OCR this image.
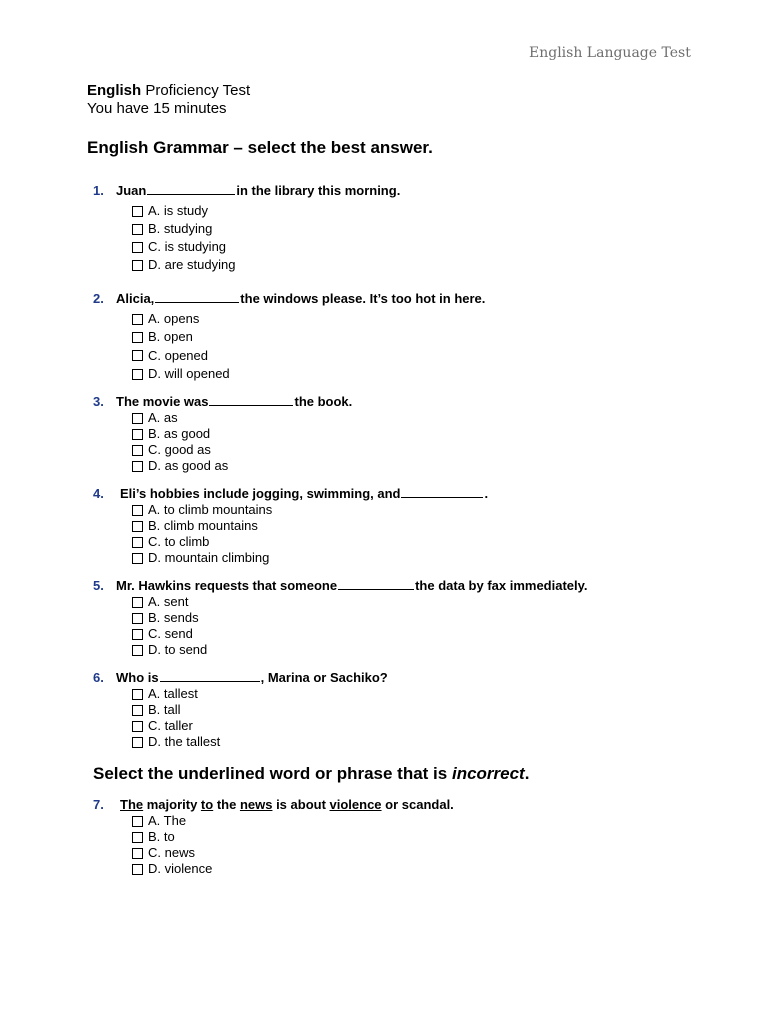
English Language Test
English Proficiency Test
You have 15 minutes
English Grammar – select the best answer.
1. Juan	in the library this morning.
A. is study
B. studying
C. is studying
D. are studying
2. Alicia,	the windows please. It’s too hot in here.
A. opens
B. open
C. opened
D. will opened
3. The movie was	the book.
A. as
B. as good
C. good as
D. as good as
4.	Eli’s hobbies include jogging, swimming, and	.
A. to climb mountains
B. climb mountains
C. to climb
D. mountain climbing
5. Mr. Hawkins requests that someone	the data by fax immediately.
A. sent
B. sends
C. send
D. to send
6. Who is	, Marina or Sachiko?
A. tallest
B. tall
C. taller
D. the tallest
Select the underlined word or phrase that is incorrect.
7.	The majority to the news is about violence or scandal.
A. The
B. to
C. news
D. violence
